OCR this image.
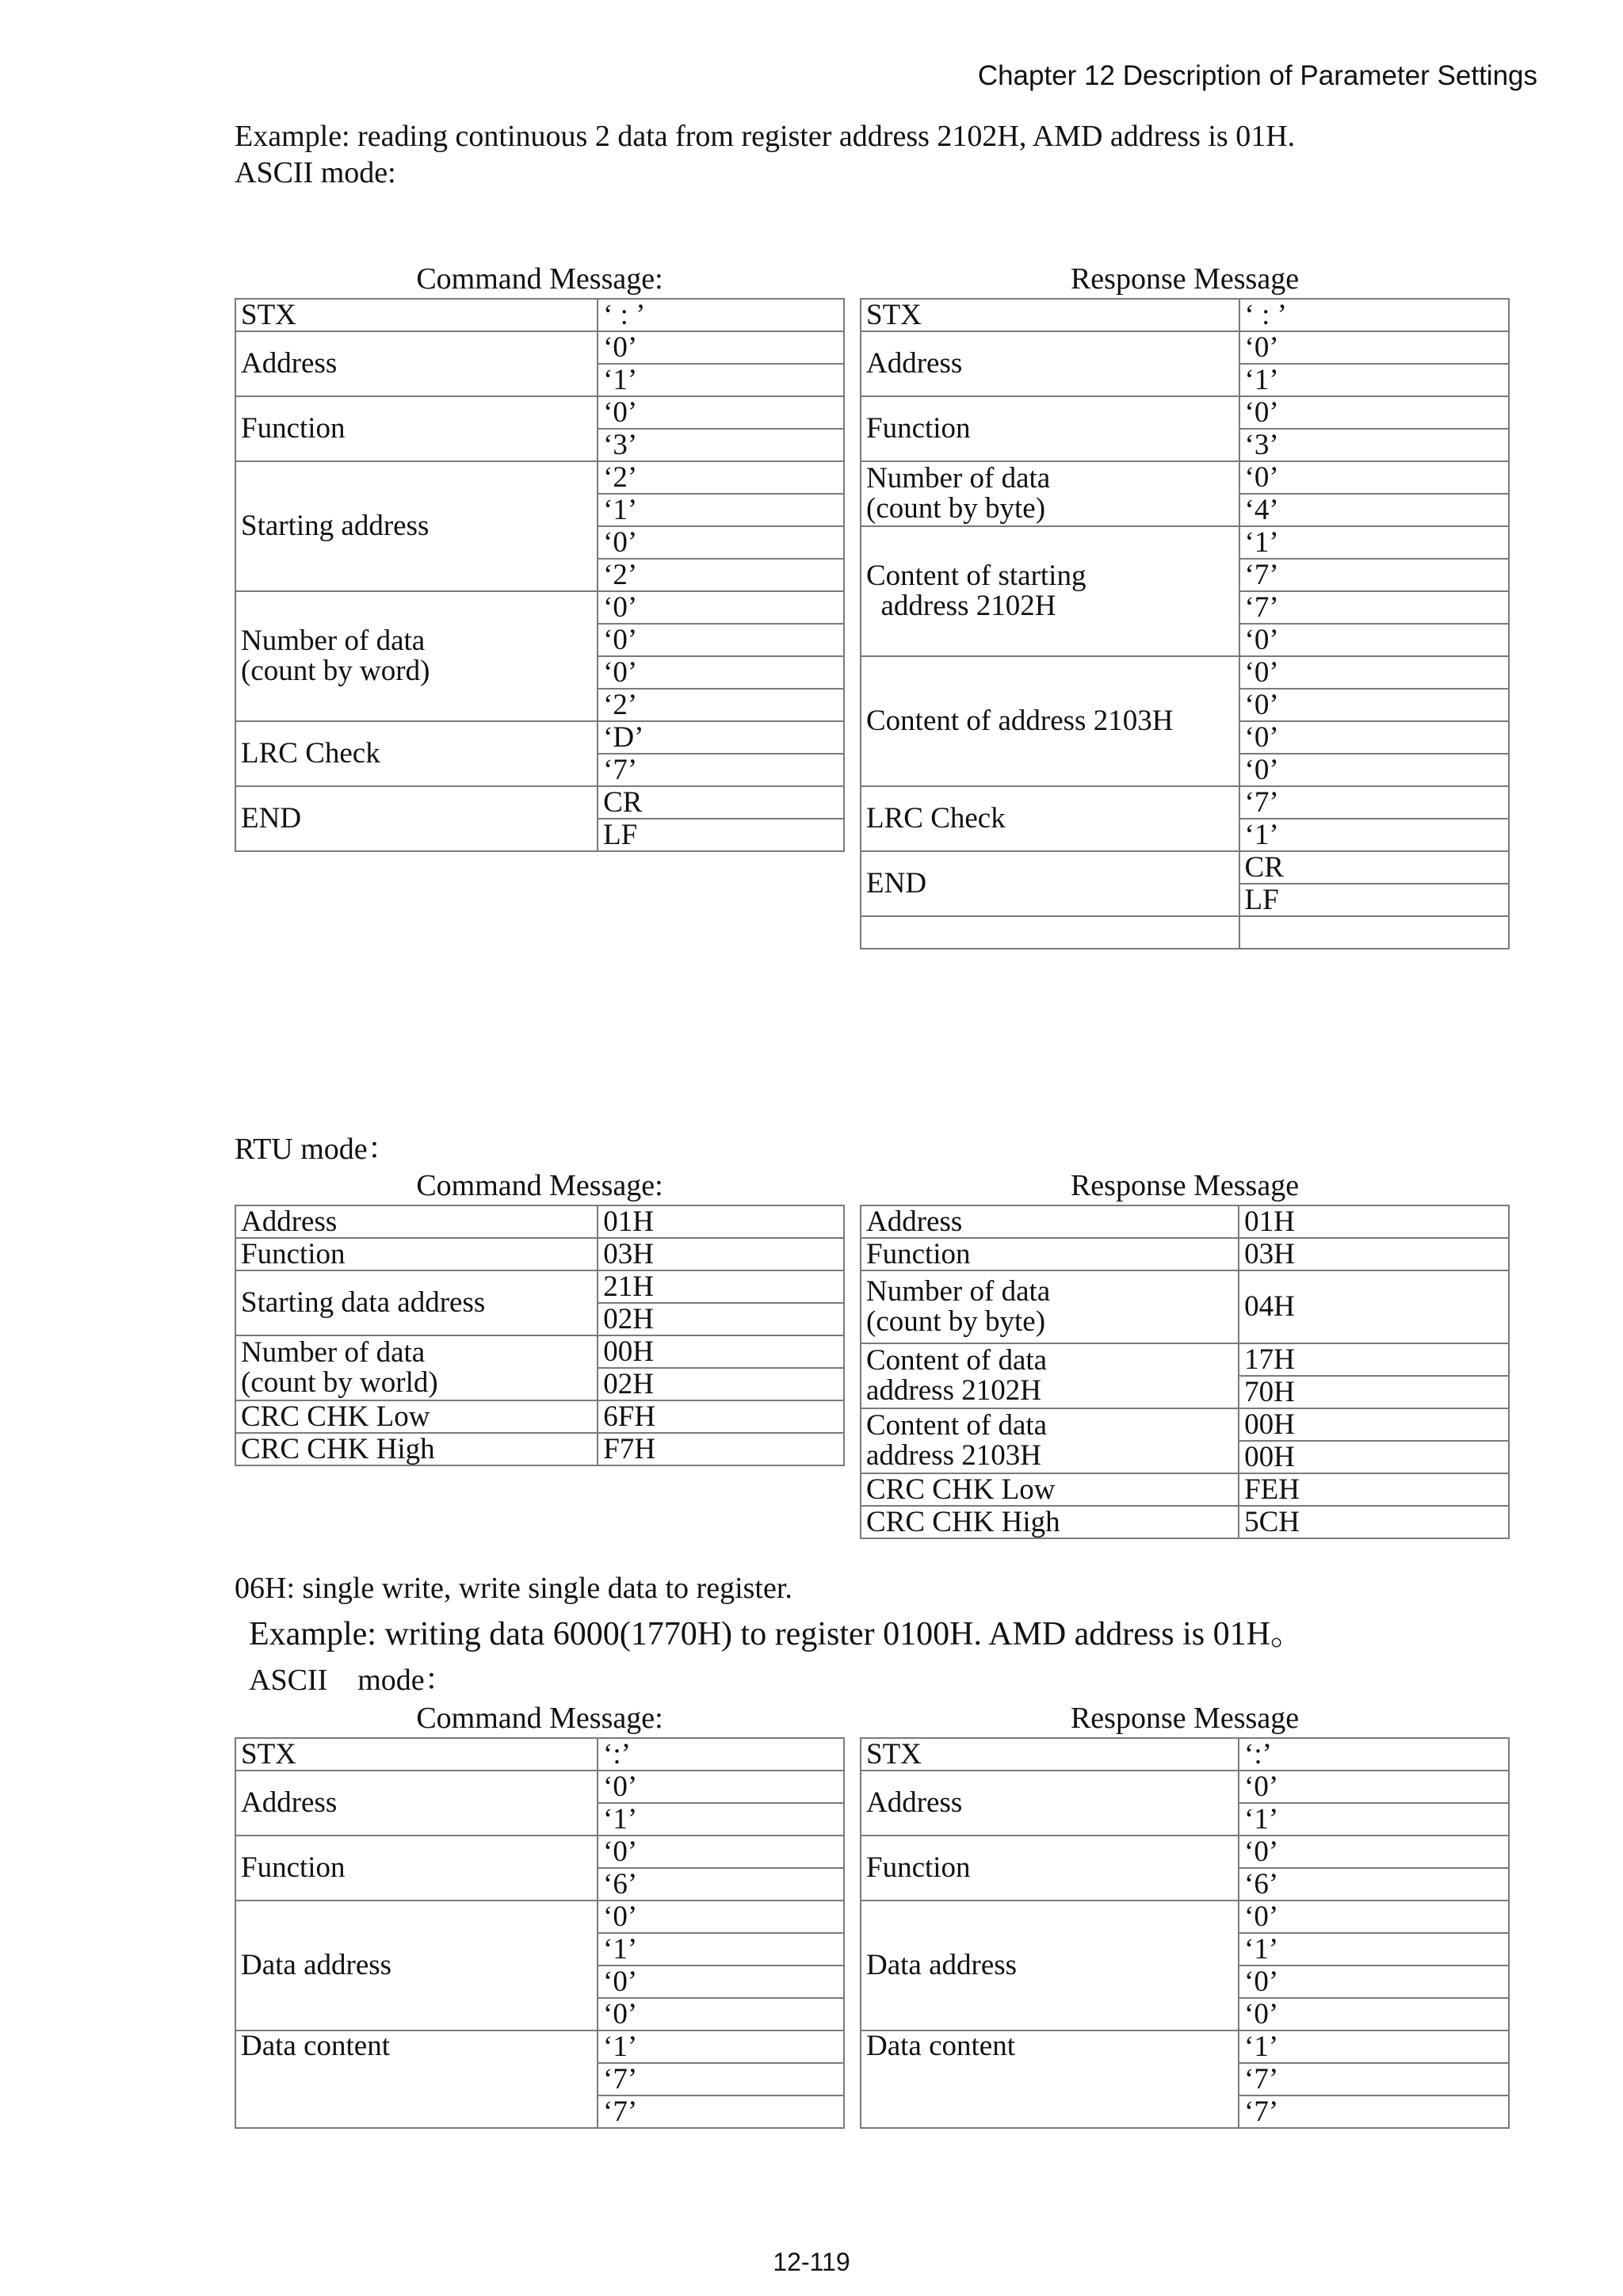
Chapter 12 Description of Parameter Settings
Example: reading continuous 2 data from register address 2102H, AMD address is 01H.
ASCII mode:
Command Message:	Response Message
STX	‘ : ’
Address	‘0’
	‘1’
Function	‘0’
	‘3’
Starting address	‘2’
	‘1’
	‘0’
	‘2’
Number of data
(count by word)	‘0’
	‘0’
	‘0’
	‘2’
LRC Check	‘D’
	‘7’
END	CR
	LF
STX	‘ : ’
Address	‘0’
	‘1’
Function	‘0’
	‘3’
Number of data
(count by byte)	‘0’
	‘4’
Content of starting
address 2102H	‘1’
	‘7’
	‘7’
	‘0’
Content of address 2103H	‘0’
	‘0’
	‘0’
	‘0’
LRC Check	‘7’
	‘1’
END	CR
	LF

RTU mode：
Command Message:	Response Message
Address	01H
Function	03H
Starting data address	21H
	02H
Number of data
(count by world)	00H
	02H
CRC CHK Low	6FH
CRC CHK High	F7H
Address	01H
Function	03H
Number of data
(count by byte)	04H
Content of data
address 2102H	17H
	70H
Content of data
address 2103H	00H
	00H
CRC CHK Low	FEH
CRC CHK High	5CH
06H: single write, write single data to register.
Example: writing data 6000(1770H) to register 0100H. AMD address is 01H。
ASCII　mode：
Command Message:	Response Message
STX	‘:’
Address	‘0’
	‘1’
Function	‘0’
	‘6’
Data address	‘0’
	‘1’
	‘0’
	‘0’
Data content	‘1’
	‘7’
	‘7’
STX	‘:’
Address	‘0’
	‘1’
Function	‘0’
	‘6’
Data address	‘0’
	‘1’
	‘0’
	‘0’
Data content	‘1’
	‘7’
	‘7’
12-119
